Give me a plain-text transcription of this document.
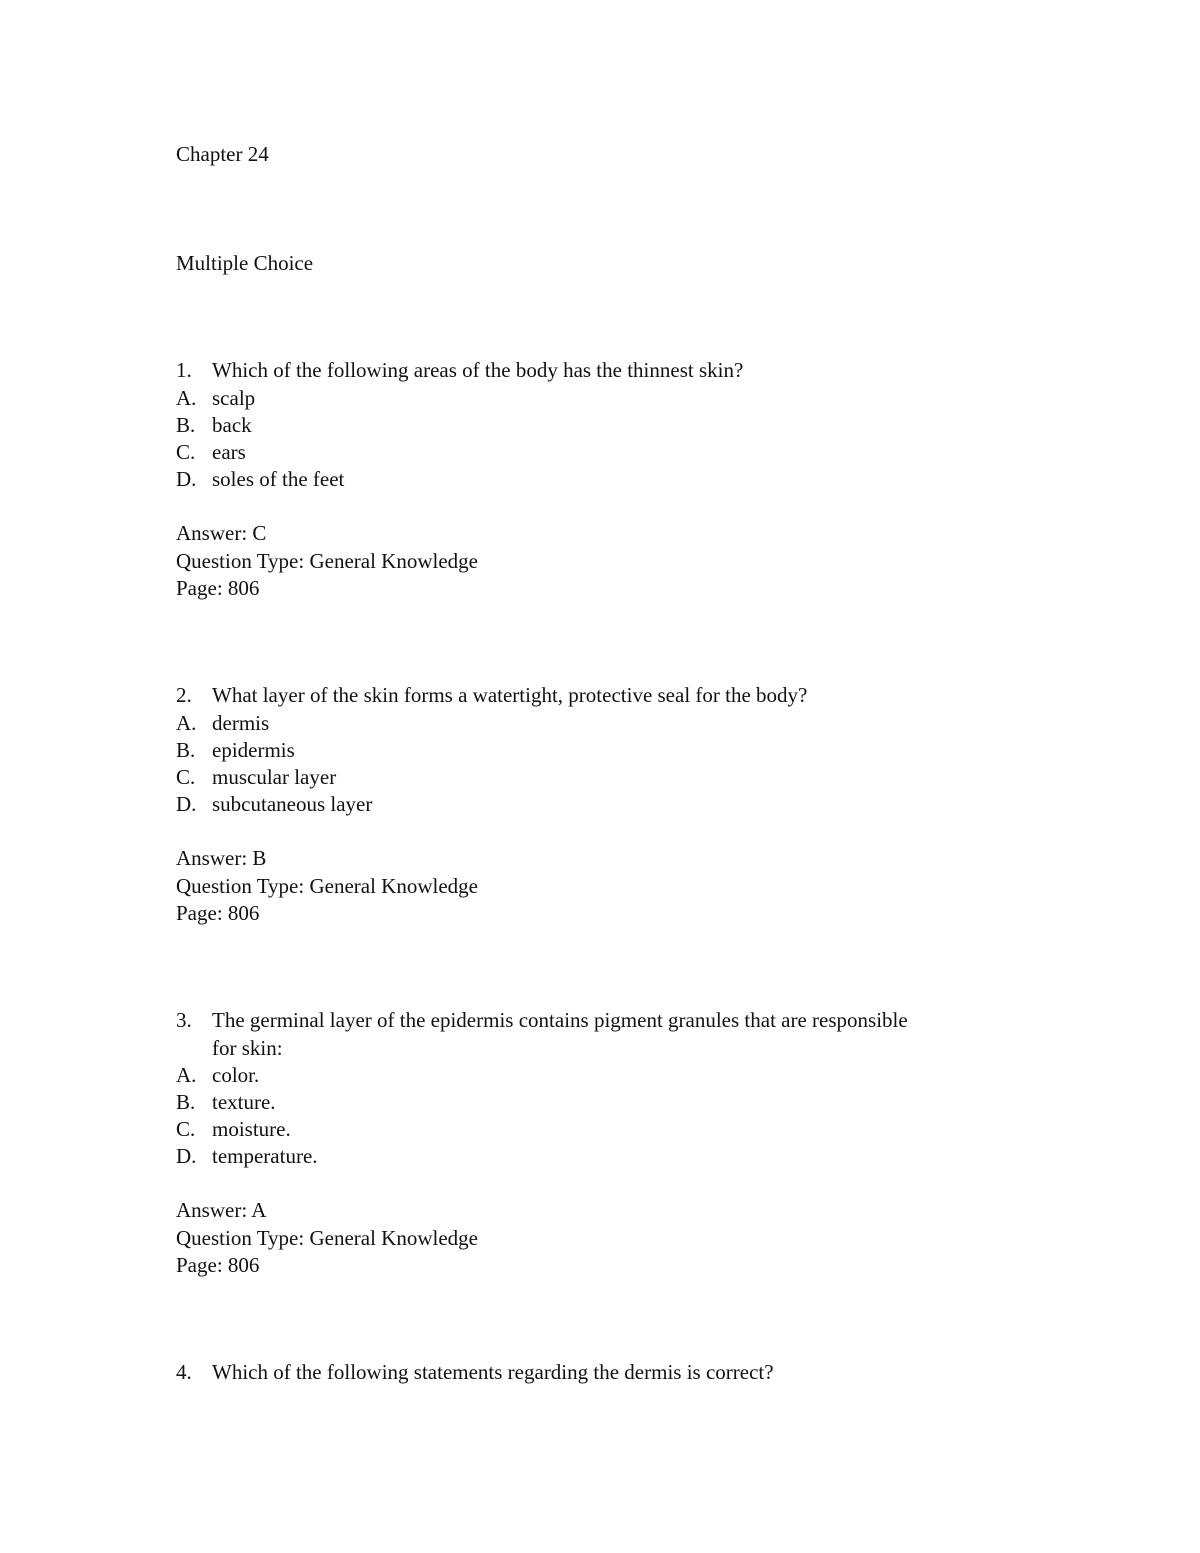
Chapter 24
Multiple Choice
1. Which of the following areas of the body has the thinnest skin?
A. scalp
B. back
C. ears
D. soles of the feet
Answer: C
Question Type: General Knowledge
Page: 806
2. What layer of the skin forms a watertight, protective seal for the body?
A. dermis
B. epidermis
C. muscular layer
D. subcutaneous layer
Answer: B
Question Type: General Knowledge
Page: 806
3. The germinal layer of the epidermis contains pigment granules that are responsible
for skin:
A. color.
B. texture.
C. moisture.
D. temperature.
Answer: A
Question Type: General Knowledge
Page: 806
4. Which of the following statements regarding the dermis is correct?
